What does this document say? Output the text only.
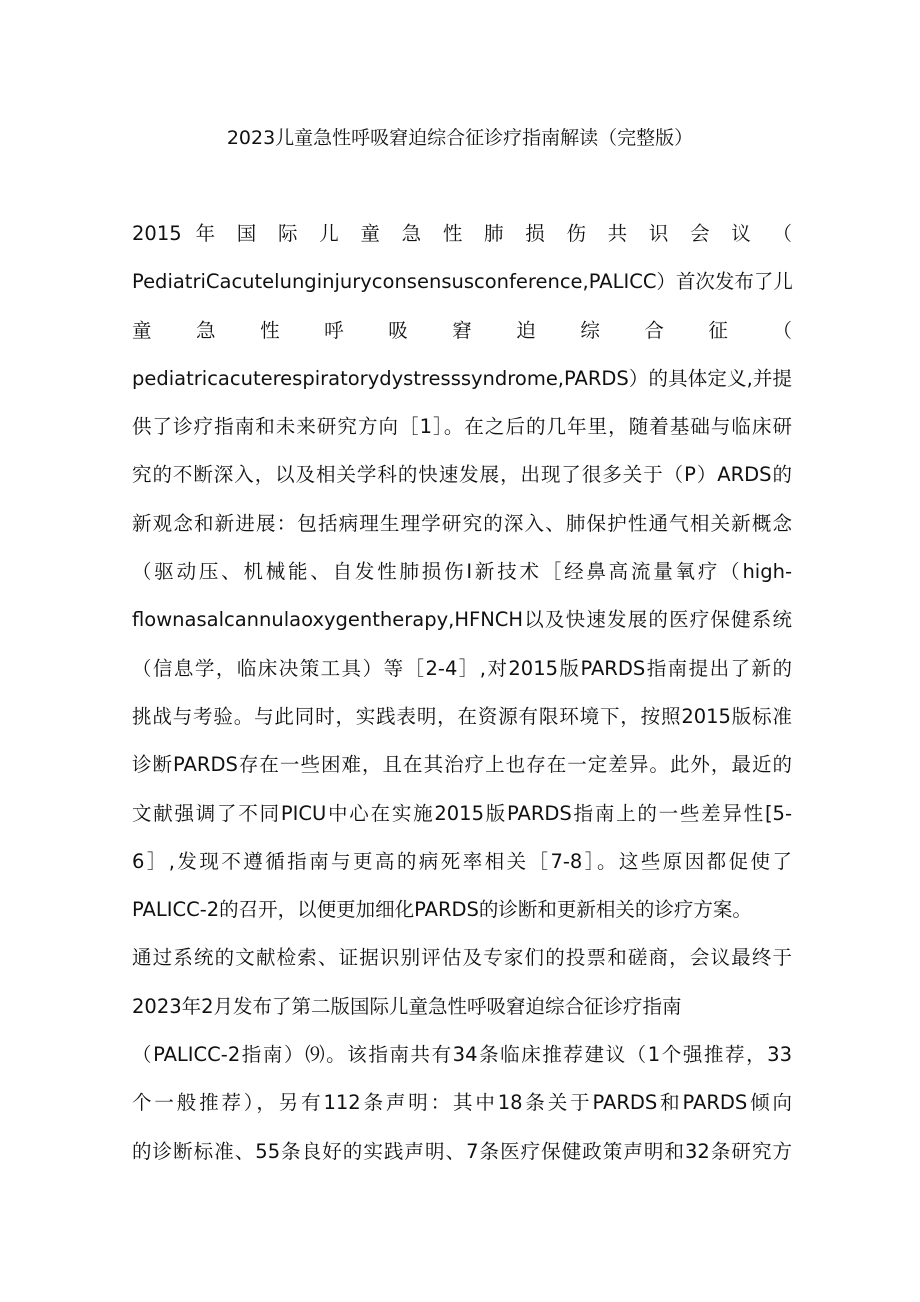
2023儿童急性呼吸窘迫综合征诊疗指南解读（完整版）
2015 年 国 际 儿 童 急 性 肺 损 伤 共 识 会 议 （
PediatriCacutelunginjuryconsensusconference,PALICC）首次发布了儿
童 急 性 呼 吸 窘 迫 综 合 征 （
pediatricacuterespiratorydystresssyndrome,PARDS）的具体定义,并提
供了诊疗指南和未来研究方向［1］。在之后的几年里，随着基础与临床研
究的不断深入，以及相关学科的快速发展，出现了很多关于（P）ARDS的
新观念和新进展：包括病理生理学研究的深入、肺保护性通气相关新概念
（驱动压、机械能、自发性肺损伤I新技术［经鼻高流量氧疗（high-
flownasalcannulaoxygentherapy,HFNCH以及快速发展的医疗保健系统
（信息学，临床决策工具）等［2-4］,对2015版PARDS指南提出了新的
挑战与考验。与此同时，实践表明，在资源有限环境下，按照2015版标准
诊断PARDS存在一些困难，且在其治疗上也存在一定差异。此外，最近的
文献强调了不同PICU中心在实施2015版PARDS指南上的一些差异性[5-
6］,发现不遵循指南与更高的病死率相关［7-8］。这些原因都促使了
PALICC-2的召开，以便更加细化PARDS的诊断和更新相关的诊疗方案。
通过系统的文献检索、证据识别评估及专家们的投票和磋商，会议最终于
2023年2月发布了第二版国际儿童急性呼吸窘迫综合征诊疗指南
（PALICC-2指南）⑼。该指南共有34条临床推荐建议（1个强推荐，33
个一般推荐），另有112条声明：其中18条关于PARDS和PARDS倾向
的诊断标准、55条良好的实践声明、7条医疗保健政策声明和32条研究方
